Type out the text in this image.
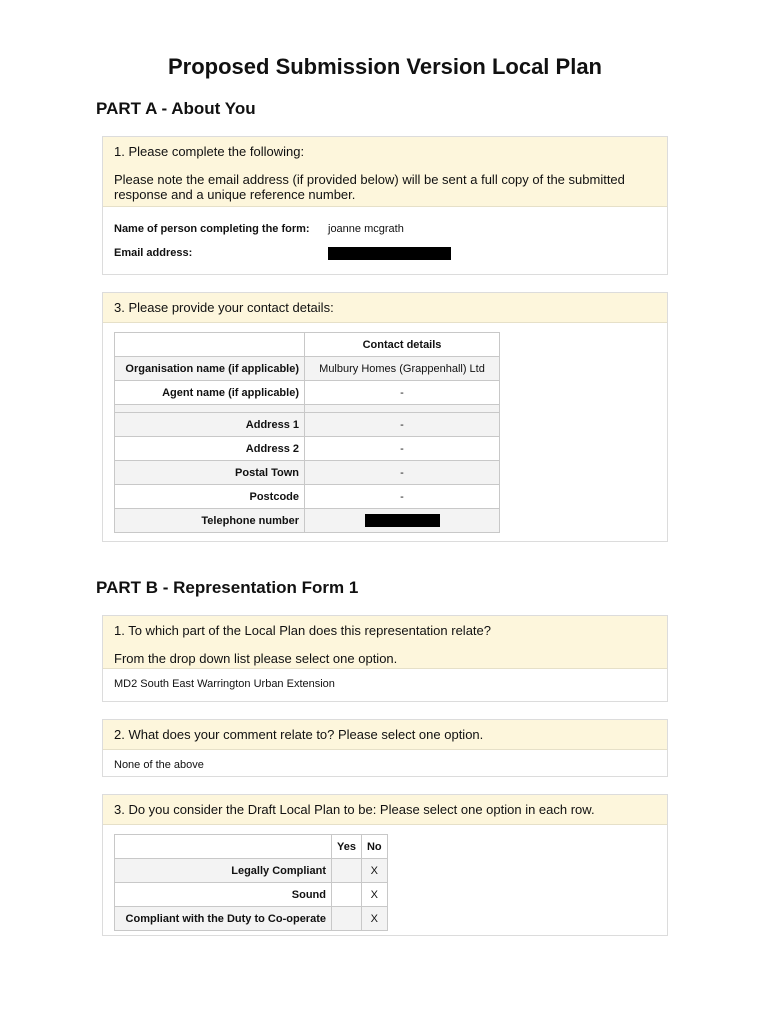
Proposed Submission Version Local Plan
PART A - About You

1. Please complete the following:

Please note the email address (if provided below) will be sent a full copy of the submitted response and a unique reference number.

Name of person completing the form:	joanne mcgrath
Email address:

3. Please provide your contact details:

	Contact details
Organisation name (if applicable)	Mulbury Homes (Grappenhall) Ltd
Agent name (if applicable)	-

Address 1	-
Address 2	-
Postal Town	-
Postcode	-
Telephone number	
PART B - Representation Form 1

1. To which part of the Local Plan does this representation relate?

From the drop down list please select one option.

MD2 South East Warrington Urban Extension

2. What does your comment relate to? Please select one option.

None of the above

3. Do you consider the Draft Local Plan to be: Please select one option in each row.

	Yes	No
Legally Compliant		X
Sound		X
Compliant with the Duty to Co-operate		X
